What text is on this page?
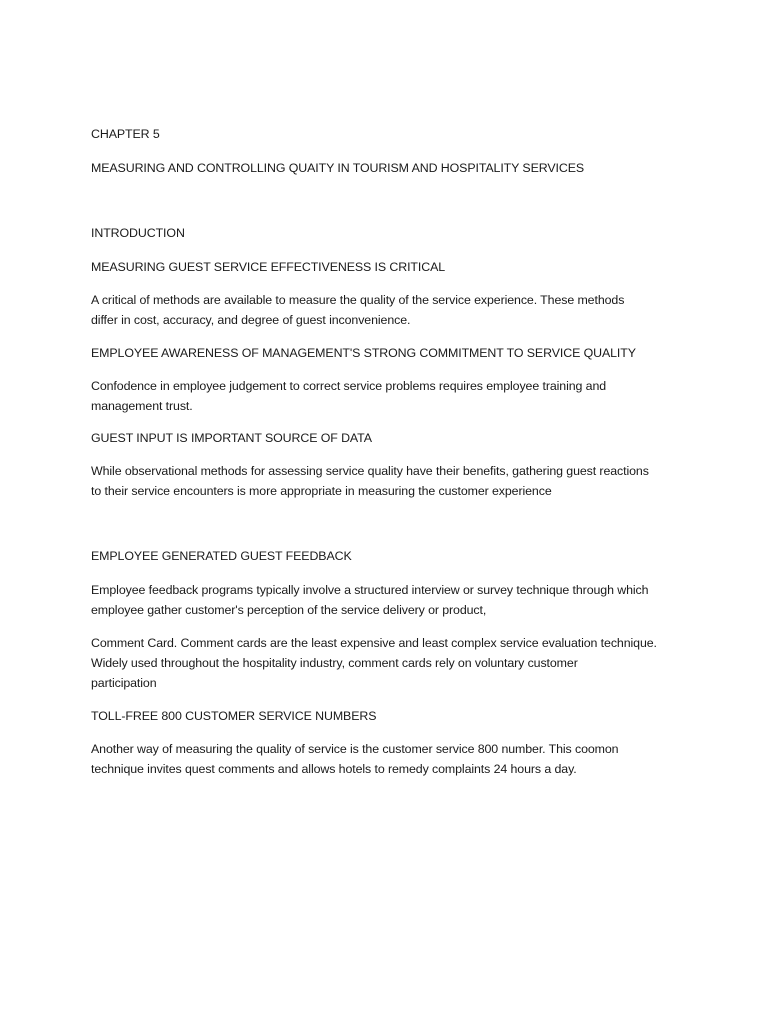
CHAPTER 5

MEASURING AND CONTROLLING QUAITY IN TOURISM AND HOSPITALITY SERVICES

INTRODUCTION

MEASURING GUEST SERVICE EFFECTIVENESS IS CRITICAL

A critical of methods are available to measure the quality of the service experience. These methods
differ in cost, accuracy, and degree of guest inconvenience.

EMPLOYEE AWARENESS OF MANAGEMENT'S STRONG COMMITMENT TO SERVICE QUALITY

Confodence in employee judgement to correct service problems requires employee training and
management trust.

GUEST INPUT IS IMPORTANT SOURCE OF DATA

While observational methods for assessing service quality have their benefits, gathering guest reactions
to their service encounters is more appropriate in measuring the customer experience

EMPLOYEE GENERATED GUEST FEEDBACK

Employee feedback programs typically involve a structured interview or survey technique through which
employee gather customer's perception of the service delivery or product,

Comment Card. Comment cards are the least expensive and least complex service evaluation technique.
Widely used throughout the hospitality industry, comment cards rely on voluntary customer
participation

TOLL-FREE 800 CUSTOMER SERVICE NUMBERS

Another way of measuring the quality of service is the customer service 800 number. This coomon
technique invites quest comments and allows hotels to remedy complaints 24 hours a day.
